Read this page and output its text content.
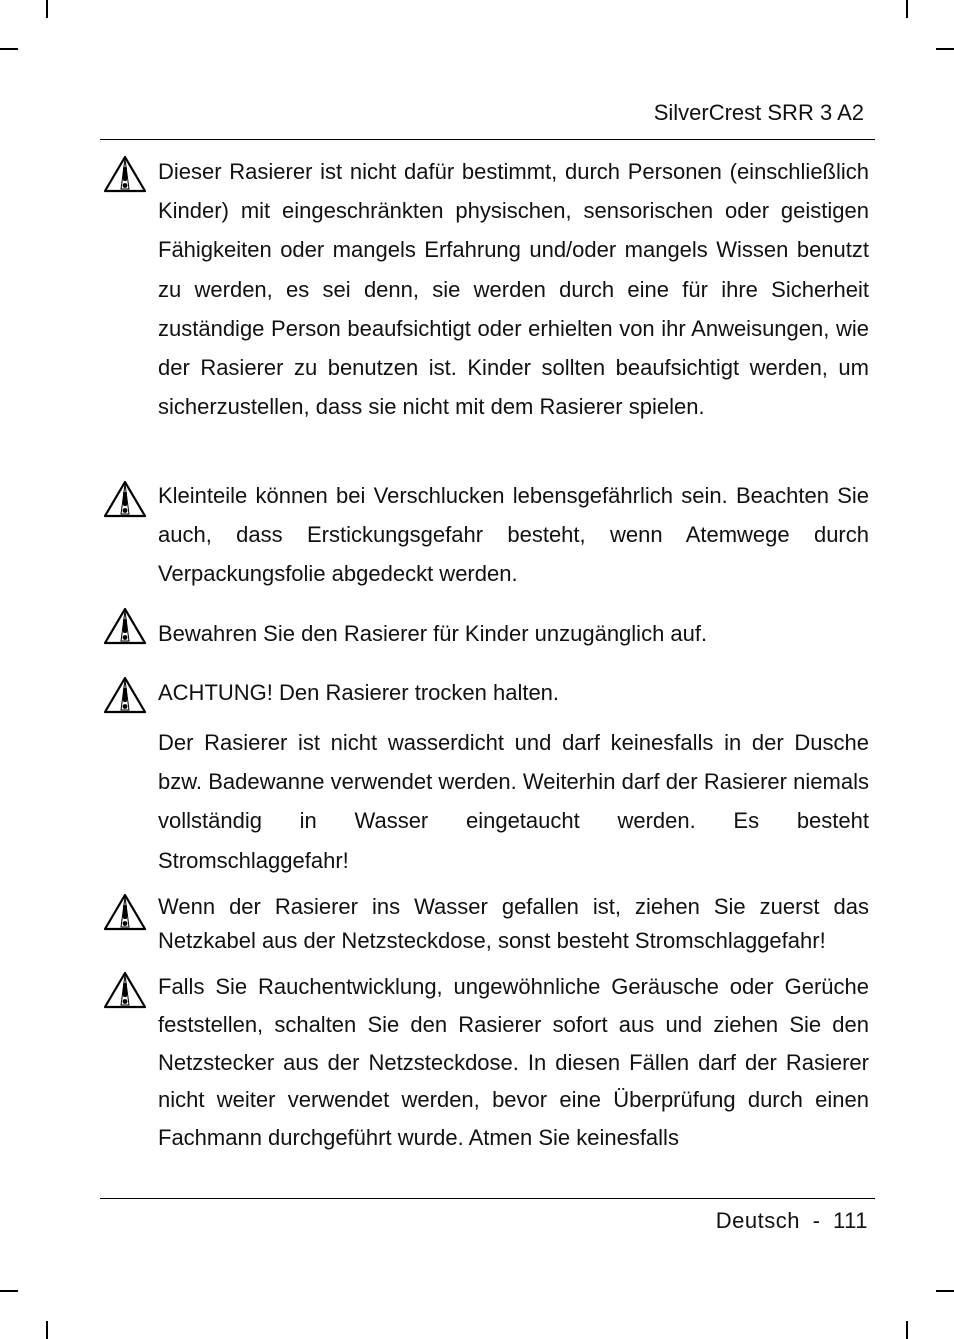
SilverCrest SRR 3 A2

Dieser Rasierer ist nicht dafür bestimmt, durch Personen (einschließlich Kinder) mit eingeschränkten physischen, sensorischen oder geistigen Fähigkeiten oder mangels Erfahrung und/oder mangels Wissen benutzt zu werden, es sei denn, sie werden durch eine für ihre Sicherheit zuständige Person beaufsichtigt oder erhielten von ihr Anweisungen, wie der Rasierer zu benutzen ist. Kinder sollten beaufsichtigt werden, um sicherzustellen, dass sie nicht mit dem Rasierer spielen.

Kleinteile können bei Verschlucken lebensgefährlich sein. Beachten Sie auch, dass Erstickungsgefahr besteht, wenn Atemwege durch Verpackungsfolie abgedeckt werden.

Bewahren Sie den Rasierer für Kinder unzugänglich auf.

ACHTUNG! Den Rasierer trocken halten.

Der Rasierer ist nicht wasserdicht und darf keinesfalls in der Dusche bzw. Badewanne verwendet werden. Weiterhin darf der Rasierer niemals vollständig in Wasser eingetaucht werden. Es besteht Stromschlaggefahr!

Wenn der Rasierer ins Wasser gefallen ist, ziehen Sie zuerst das Netzkabel aus der Netzsteckdose, sonst besteht Stromschlaggefahr!

Falls Sie Rauchentwicklung, ungewöhnliche Geräusche oder Gerüche feststellen, schalten Sie den Rasierer sofort aus und ziehen Sie den Netzstecker aus der Netzsteckdose. In diesen Fällen darf der Rasierer nicht weiter verwendet werden, bevor eine Überprüfung durch einen Fachmann durchgeführt wurde. Atmen Sie keinesfalls

Deutsch - 111
